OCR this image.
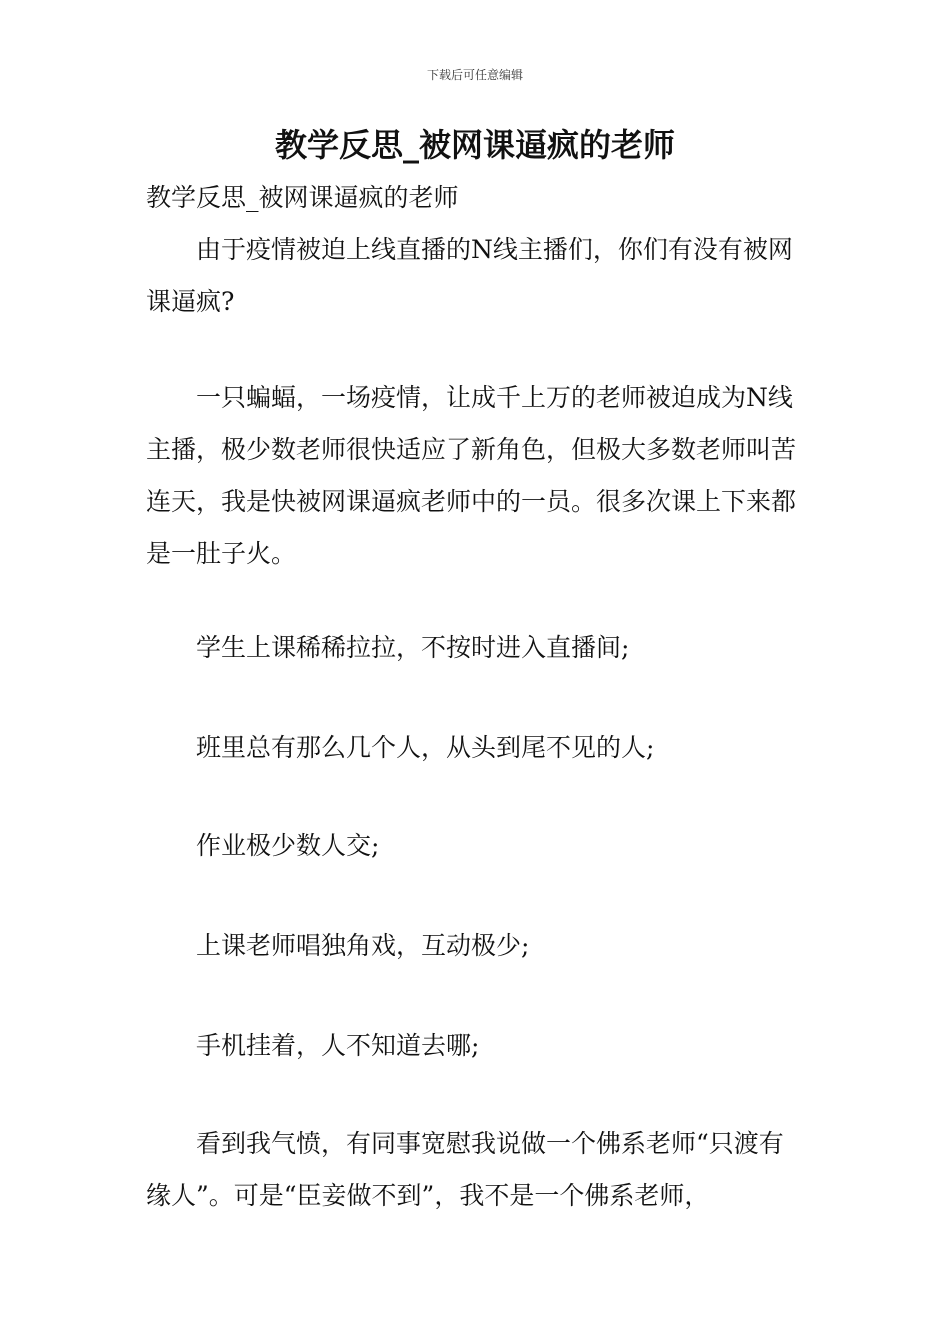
下载后可任意编辑
教学反思_被网课逼疯的老师

教学反思_被网课逼疯的老师

由于疫情被迫上线直播的N线主播们，你们有没有被网课逼疯?

一只蝙蝠，一场疫情，让成千上万的老师被迫成为N线主播，极少数老师很快适应了新角色，但极大多数老师叫苦连天，我是快被网课逼疯老师中的一员。很多次课上下来都是一肚子火。

学生上课稀稀拉拉，不按时进入直播间;

班里总有那么几个人，从头到尾不见的人;

作业极少数人交;

上课老师唱独角戏，互动极少;

手机挂着，人不知道去哪;

看到我气愤，有同事宽慰我说做一个佛系老师“只渡有缘人”。可是“臣妾做不到”，我不是一个佛系老师，
